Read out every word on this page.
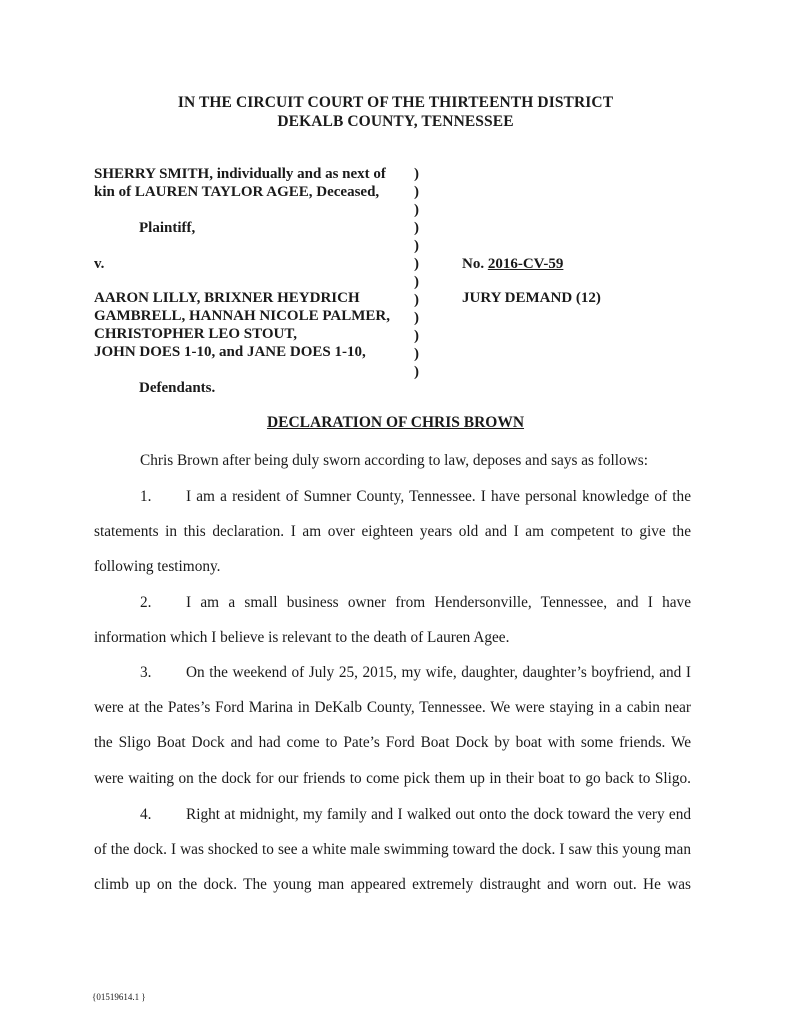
IN THE CIRCUIT COURT OF THE THIRTEENTH DISTRICT
DEKALB COUNTY, TENNESSEE
SHERRY SMITH, individually and as next of
kin of LAUREN TAYLOR AGEE, Deceased,
Plaintiff,
v.
AARON LILLY, BRIXNER HEYDRICH
GAMBRELL, HANNAH NICOLE PALMER,
CHRISTOPHER LEO STOUT,
JOHN DOES 1-10, and JANE DOES 1-10,
Defendants.
)
)
)
)
)
)
)
)
)
)
)
)
No. 2016-CV-59
JURY DEMAND (12)
DECLARATION OF CHRIS BROWN
Chris Brown after being duly sworn according to law, deposes and says as follows:
1. I am a resident of Sumner County, Tennessee. I have personal knowledge of the
statements in this declaration. I am over eighteen years old and I am competent to give the
following testimony.
2. I am a small business owner from Hendersonville, Tennessee, and I have
information which I believe is relevant to the death of Lauren Agee.
3. On the weekend of July 25, 2015, my wife, daughter, daughter’s boyfriend, and I
were at the Pates’s Ford Marina in DeKalb County, Tennessee. We were staying in a cabin near
the Sligo Boat Dock and had come to Pate’s Ford Boat Dock by boat with some friends. We
were waiting on the dock for our friends to come pick them up in their boat to go back to Sligo.
4. Right at midnight, my family and I walked out onto the dock toward the very end
of the dock. I was shocked to see a white male swimming toward the dock. I saw this young man
climb up on the dock. The young man appeared extremely distraught and worn out. He was
{01519614.1 }
